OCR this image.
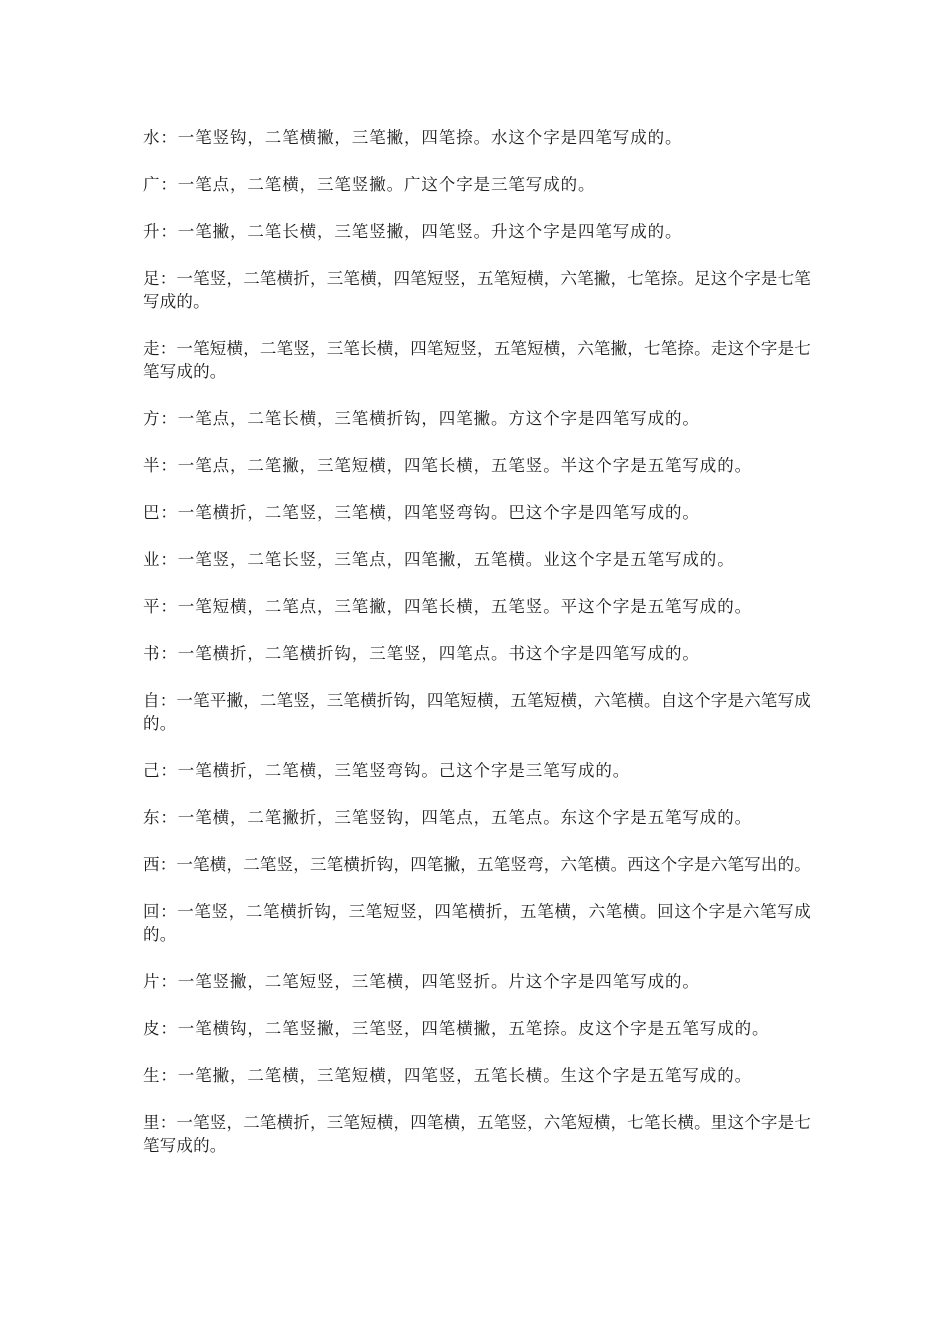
水：一笔竖钩，二笔横撇，三笔撇，四笔捺。水这个字是四笔写成的。

广：一笔点，二笔横，三笔竖撇。广这个字是三笔写成的。

升：一笔撇，二笔长横，三笔竖撇，四笔竖。升这个字是四笔写成的。

足：一笔竖，二笔横折，三笔横，四笔短竖，五笔短横，六笔撇，七笔捺。足这个字是七笔写成的。

走：一笔短横，二笔竖，三笔长横，四笔短竖，五笔短横，六笔撇，七笔捺。走这个字是七笔写成的。

方：一笔点，二笔长横，三笔横折钩，四笔撇。方这个字是四笔写成的。

半：一笔点，二笔撇，三笔短横，四笔长横，五笔竖。半这个字是五笔写成的。

巴：一笔横折，二笔竖，三笔横，四笔竖弯钩。巴这个字是四笔写成的。

业：一笔竖，二笔长竖，三笔点，四笔撇，五笔横。业这个字是五笔写成的。

平：一笔短横，二笔点，三笔撇，四笔长横，五笔竖。平这个字是五笔写成的。

书：一笔横折，二笔横折钩，三笔竖，四笔点。书这个字是四笔写成的。

自：一笔平撇，二笔竖，三笔横折钩，四笔短横，五笔短横，六笔横。自这个字是六笔写成的。

己：一笔横折，二笔横，三笔竖弯钩。己这个字是三笔写成的。

东：一笔横，二笔撇折，三笔竖钩，四笔点，五笔点。东这个字是五笔写成的。

西：一笔横，二笔竖，三笔横折钩，四笔撇，五笔竖弯，六笔横。西这个字是六笔写出的。

回：一笔竖，二笔横折钩，三笔短竖，四笔横折，五笔横，六笔横。回这个字是六笔写成的。

片：一笔竖撇，二笔短竖，三笔横，四笔竖折。片这个字是四笔写成的。

皮：一笔横钩，二笔竖撇，三笔竖，四笔横撇，五笔捺。皮这个字是五笔写成的。

生：一笔撇，二笔横，三笔短横，四笔竖，五笔长横。生这个字是五笔写成的。

里：一笔竖，二笔横折，三笔短横，四笔横，五笔竖，六笔短横，七笔长横。里这个字是七笔写成的。
